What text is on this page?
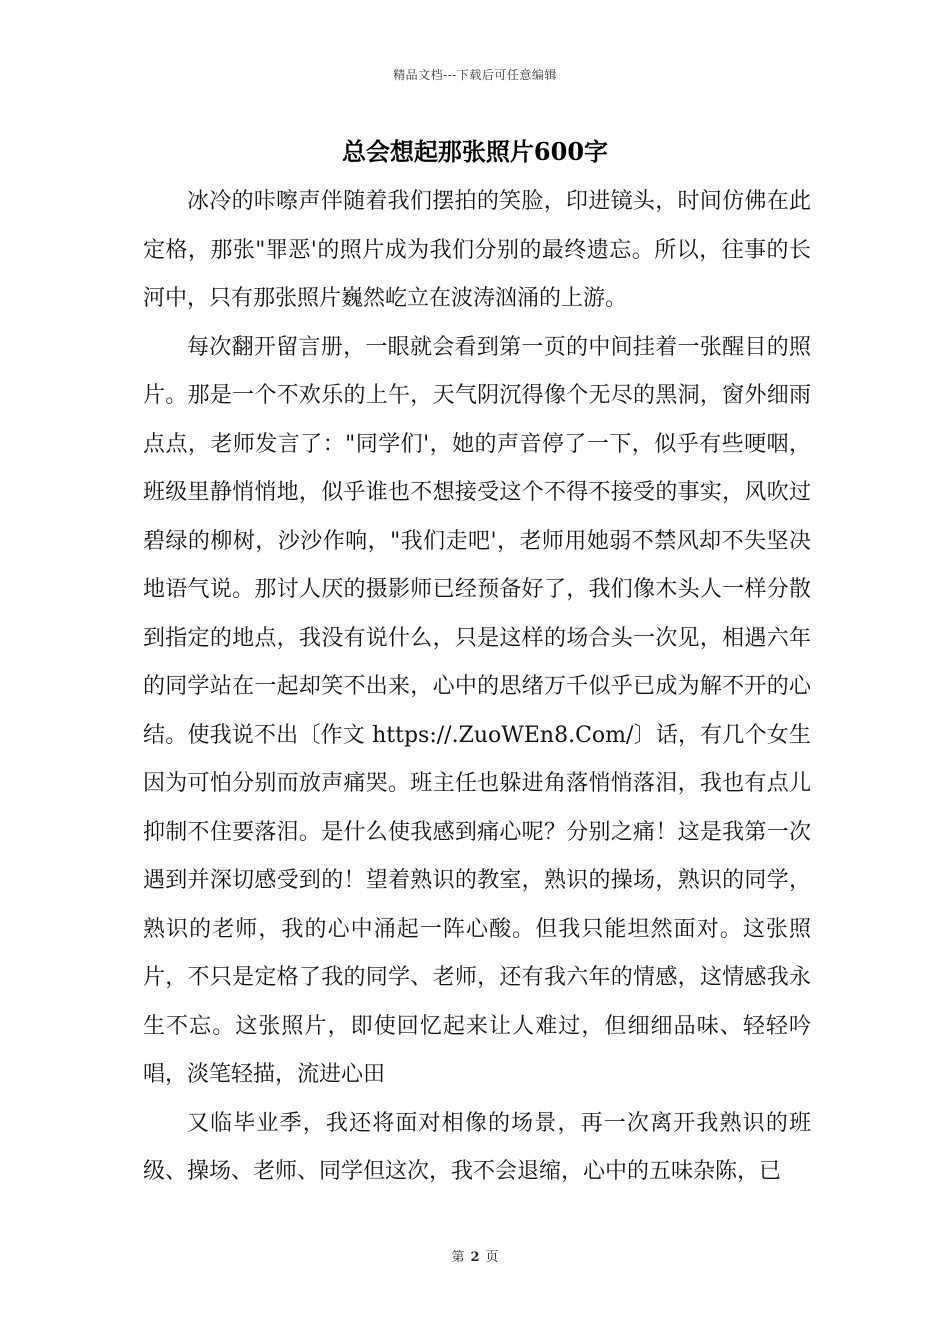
精品文档---下载后可任意编辑
总会想起那张照片600字

冰冷的咔嚓声伴随着我们摆拍的笑脸，印进镜头，时间仿佛在此定格，那张"罪恶'的照片成为我们分别的最终遗忘。所以，往事的长河中，只有那张照片巍然屹立在波涛汹涌的上游。

每次翻开留言册，一眼就会看到第一页的中间挂着一张醒目的照片。那是一个不欢乐的上午，天气阴沉得像个无尽的黑洞，窗外细雨点点，老师发言了："同学们'，她的声音停了一下，似乎有些哽咽，班级里静悄悄地，似乎谁也不想接受这个不得不接受的事实，风吹过碧绿的柳树，沙沙作响，"我们走吧'，老师用她弱不禁风却不失坚决地语气说。那讨人厌的摄影师已经预备好了，我们像木头人一样分散到指定的地点，我没有说什么，只是这样的场合头一次见，相遇六年的同学站在一起却笑不出来，心中的思绪万千似乎已成为解不开的心结。使我说不出〔作文 https://.ZuoWEn8.Com/〕话，有几个女生因为可怕分别而放声痛哭。班主任也躲进角落悄悄落泪，我也有点儿抑制不住要落泪。是什么使我感到痛心呢？分别之痛！这是我第一次遇到并深切感受到的！望着熟识的教室，熟识的操场，熟识的同学，熟识的老师，我的心中涌起一阵心酸。但我只能坦然面对。这张照片，不只是定格了我的同学、老师，还有我六年的情感，这情感我永生不忘。这张照片，即使回忆起来让人难过，但细细品味、轻轻吟唱，淡笔轻描，流进心田

又临毕业季，我还将面对相像的场景，再一次离开我熟识的班级、操场、老师、同学但这次，我不会退缩，心中的五味杂陈，已

第 2 页
